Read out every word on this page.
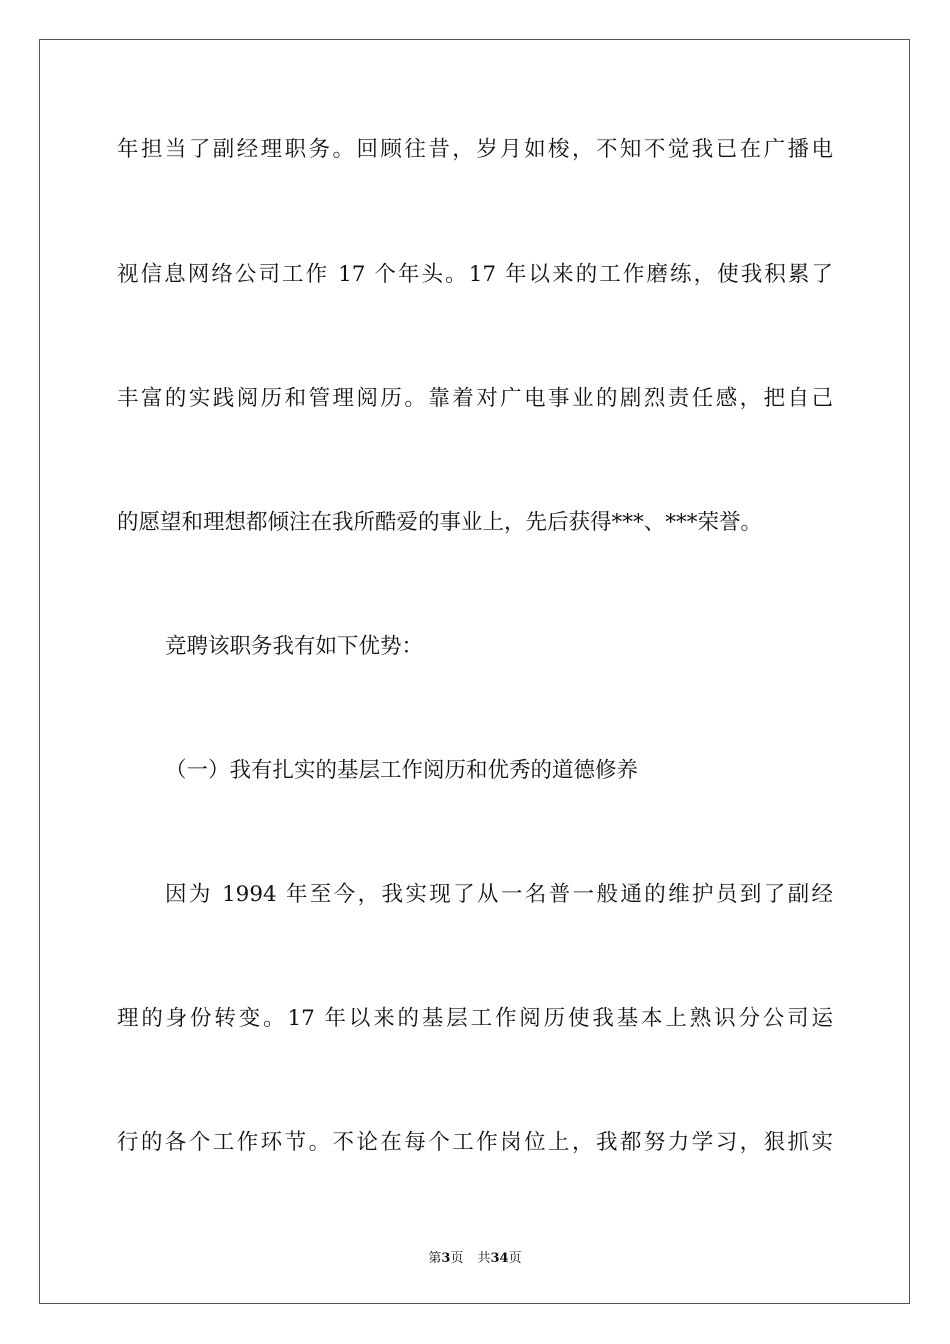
年担当了副经理职务。回顾往昔，岁月如梭，不知不觉我已在广播电
视信息网络公司工作 17 个年头。17 年以来的工作磨练，使我积累了
丰富的实践阅历和管理阅历。靠着对广电事业的剧烈责任感，把自己
的愿望和理想都倾注在我所酷爱的事业上，先后获得***、***荣誉。
竞聘该职务我有如下优势：
（一）我有扎实的基层工作阅历和优秀的道德修养
因为 1994 年至今，我实现了从一名普一般通的维护员到了副经
理的身份转变。17 年以来的基层工作阅历使我基本上熟识分公司运
行的各个工作环节。不论在每个工作岗位上，我都努力学习，狠抓实
第3页 共34页
